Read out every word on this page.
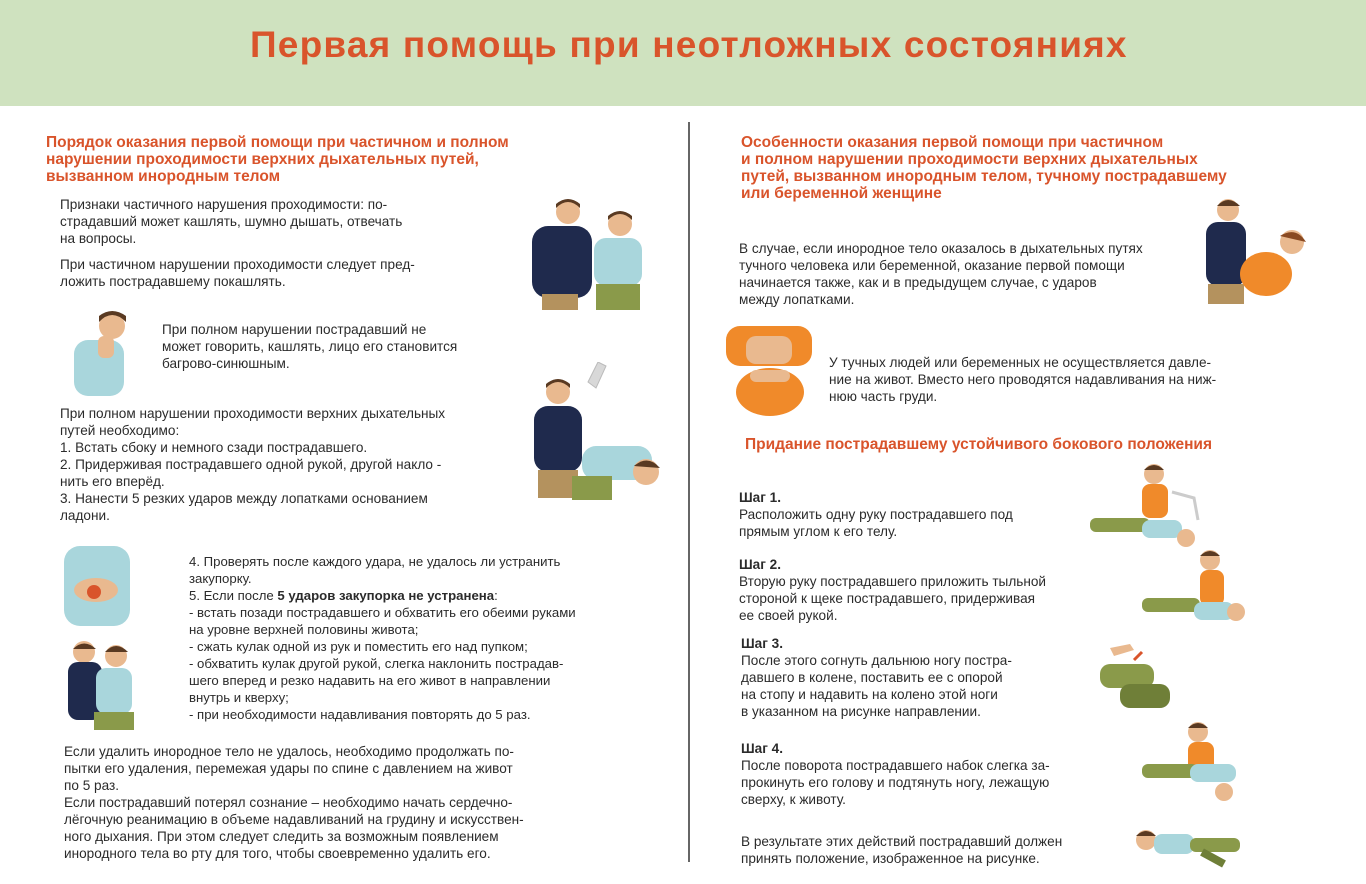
Первая помощь при неотложных состояниях
Порядок оказания первой помощи при частичном и полном
нарушении проходимости верхних дыхательных путей,
вызванном инородным телом

Признаки частичного нарушения проходимости: по-

страдавший может кашлять, шумно дышать, отвечать

на вопросы.

При частичном нарушении проходимости следует пред-

ложить пострадавшему покашлять.

При полном нарушении пострадавший не

может говорить, кашлять, лицо его становится

багрово-синюшным.

При полном нарушении проходимости верхних дыхательных

путей необходимо:

1. Встать сбоку и немного сзади пострадавшего.

2. Придерживая пострадавшего одной рукой, другой накло -

нить его вперёд.

3. Нанести 5 резких ударов между лопатками основанием

ладони.

4. Проверять после каждого удара, не удалось ли устранить

закупорку.

5. Если после 5 ударов закупорка не устранена:

- встать позади пострадавшего и обхватить его обеими руками

на уровне верхней половины живота;

- сжать кулак одной из рук и поместить его над пупком;

- обхватить кулак другой рукой, слегка наклонить пострадав-

шего вперед и резко надавить на его живот в направлении

внутрь и кверху;

- при необходимости надавливания повторять до 5 раз.

Если удалить инородное тело не удалось, необходимо продолжать по-

пытки его удаления, перемежая удары по спине с давлением на живот

по 5 раз.

Если пострадавший потерял сознание – необходимо начать сердечно-

лёгочную реанимацию в объеме надавливаний на грудину и искусствен-

ного дыхания. При этом следует следить за возможным появлением

инородного тела во рту для того, чтобы своевременно удалить его.

Особенности оказания первой помощи при частичном
и полном нарушении проходимости верхних дыхательных
путей, вызванном инородным телом, тучному пострадавшему
или беременной женщине

В случае, если инородное тело оказалось в дыхательных путях

тучного человека или беременной, оказание первой помощи

начинается также, как и в предыдущем случае, с ударов

между лопатками.

У тучных людей или беременных не осуществляется давле-

ние на живот. Вместо него проводятся надавливания на ниж-

нюю часть груди.

Придание пострадавшему устойчивого бокового положения

Шаг 1.

Расположить одну руку пострадавшего под

прямым углом к его телу.

Шаг 2.

Вторую руку пострадавшего приложить тыльной

стороной к щеке пострадавшего, придерживая

ее своей рукой.

Шаг 3.

После этого согнуть дальнюю ногу постра-

давшего в колене, поставить ее с опорой

на стопу и надавить на колено этой ноги

в указанном на рисунке направлении.

Шаг 4.

После поворота пострадавшего набок слегка за-

прокинуть его голову и подтянуть ногу, лежащую

сверху, к животу.

В результате этих действий пострадавший должен

принять положение, изображенное на рисунке.
